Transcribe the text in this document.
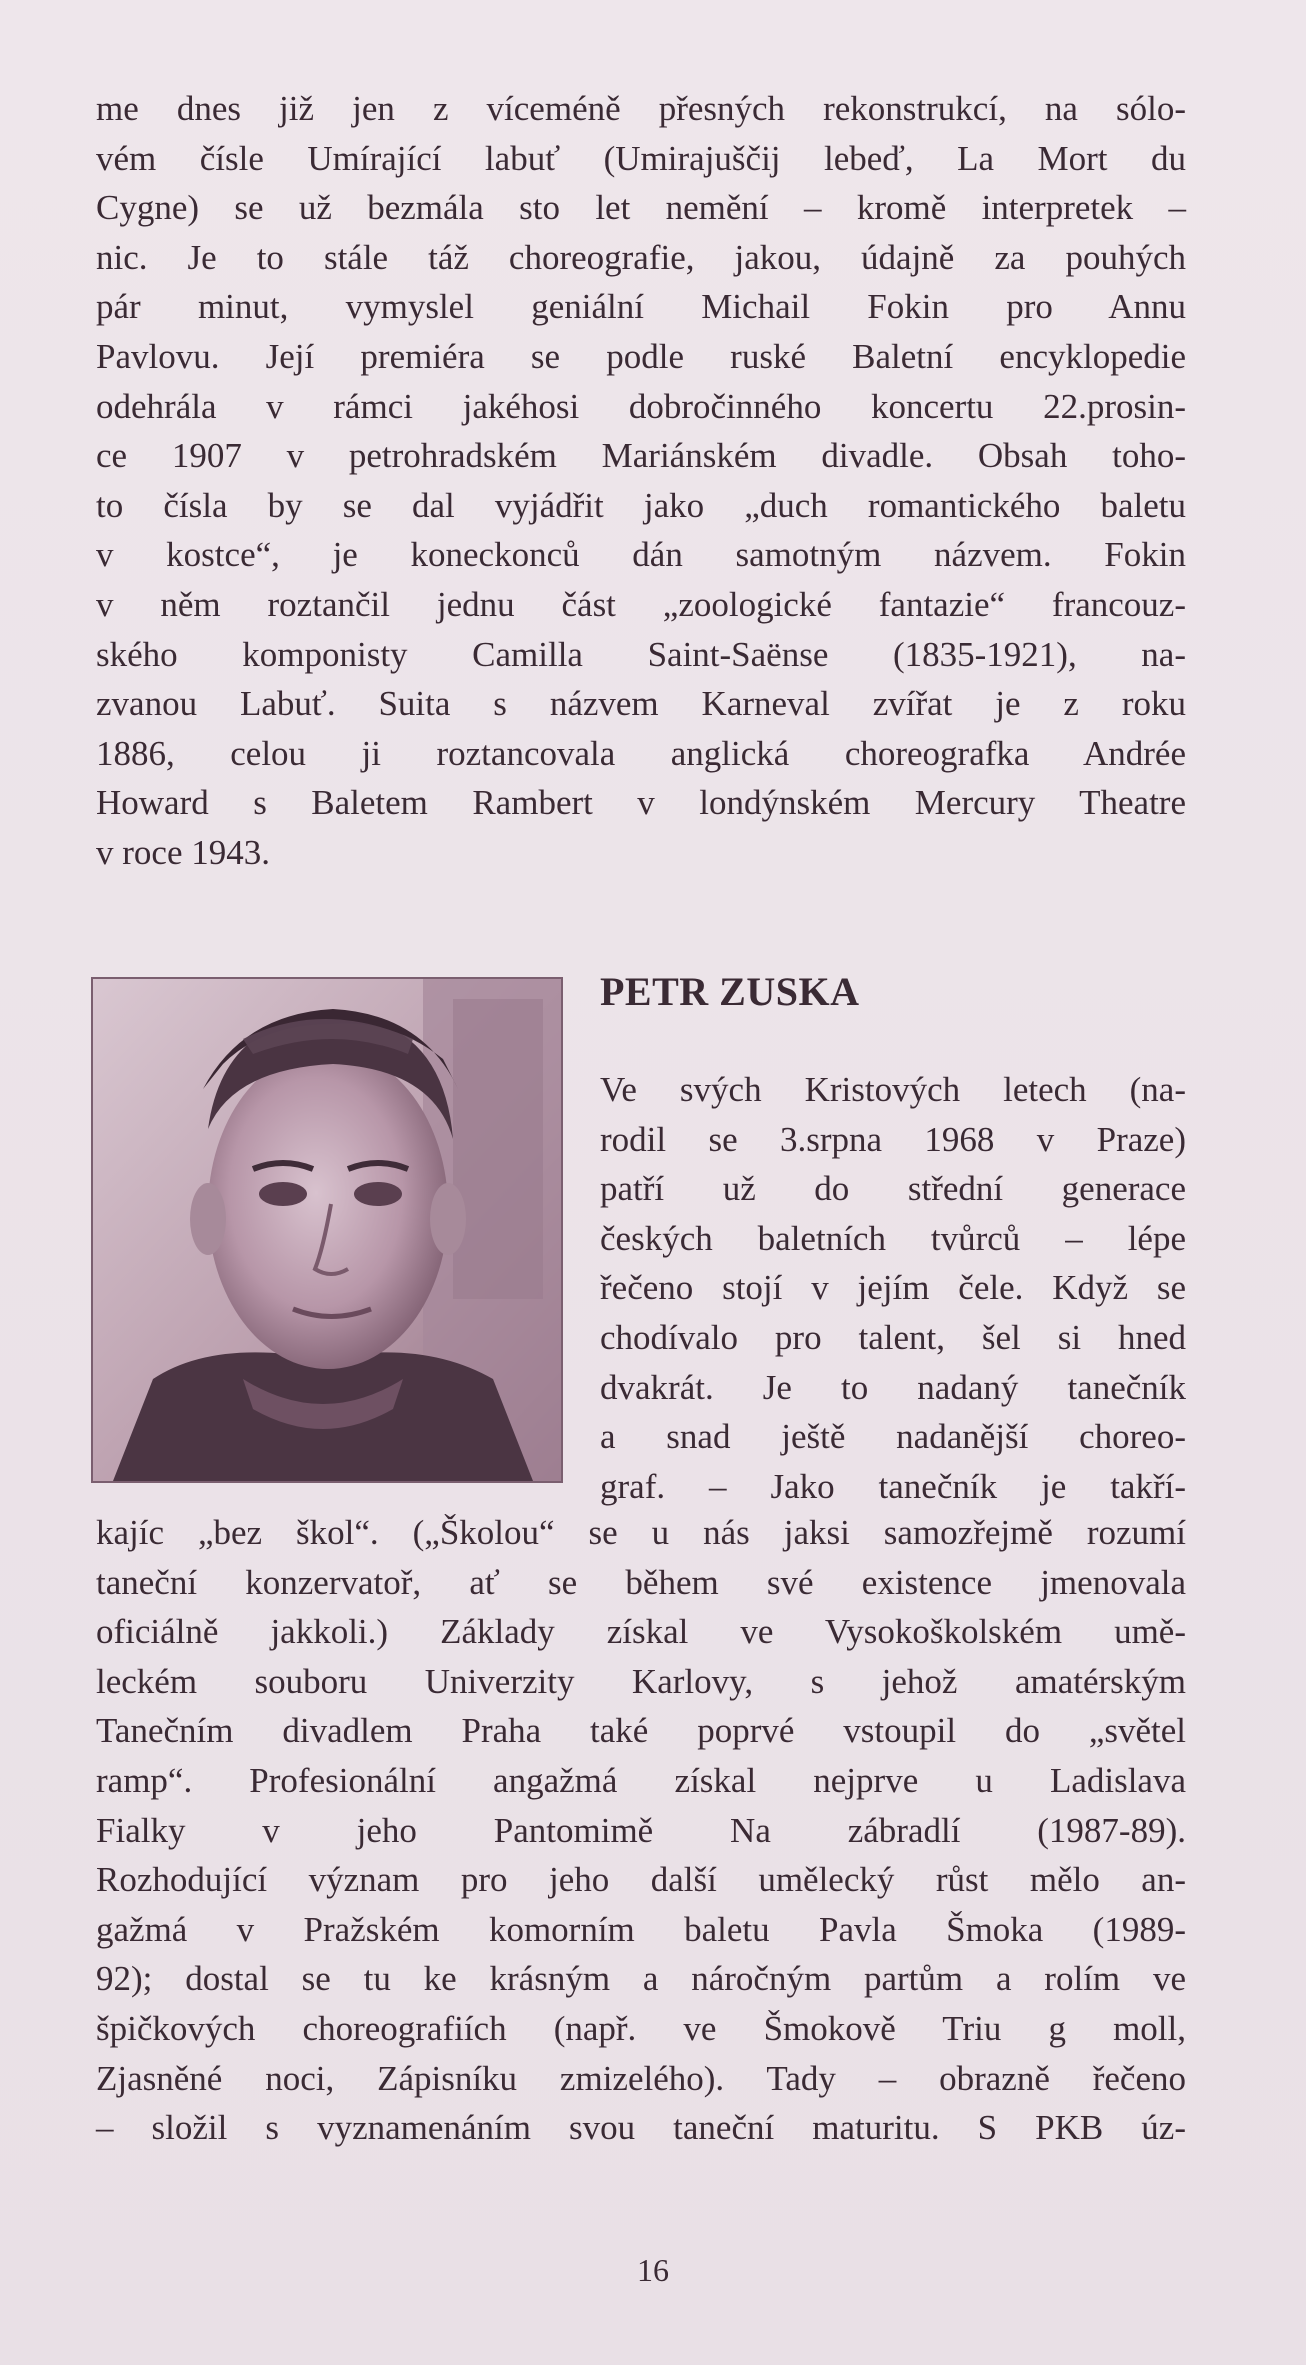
me dnes již jen z víceméně přesných rekonstrukcí, na sólo-
vém čísle Umírající labuť (Umirajuščij lebeď, La Mort du
Cygne) se už bezmála sto let nemění – kromě interpretek –
nic. Je to stále táž choreografie, jakou, údajně za pouhých
pár minut, vymyslel geniální Michail Fokin pro Annu
Pavlovu. Její premiéra se podle ruské Baletní encyklopedie
odehrála v rámci jakéhosi dobročinného koncertu 22.prosin-
ce 1907 v petrohradském Mariánském divadle. Obsah toho-
to čísla by se dal vyjádřit jako „duch romantického baletu
v kostce“, je koneckonců dán samotným názvem. Fokin
v něm roztančil jednu část „zoologické fantazie“ francouz-
ského komponisty Camilla Saint-Saënse (1835-1921), na-
zvanou Labuť. Suita s názvem Karneval zvířat je z roku
1886, celou ji roztancovala anglická choreografka Andrée
Howard s Baletem Rambert v londýnském Mercury Theatre
v roce 1943.
PETR ZUSKA
Ve svých Kristových letech (na-
rodil se 3.srpna 1968 v Praze)
patří už do střední generace
českých baletních tvůrců – lépe
řečeno stojí v jejím čele. Když se
chodívalo pro talent, šel si hned
dvakrát. Je to nadaný tanečník
a snad ještě nadanější choreo-
graf. – Jako tanečník je takří-
kajíc „bez škol“. („Školou“ se u nás jaksi samozřejmě rozumí
taneční konzervatoř, ať se během své existence jmenovala
oficiálně jakkoli.) Základy získal ve Vysokoškolském umě-
leckém souboru Univerzity Karlovy, s jehož amatérským
Tanečním divadlem Praha také poprvé vstoupil do „světel
ramp“. Profesionální angažmá získal nejprve u Ladislava
Fialky v jeho Pantomimě Na zábradlí (1987-89).
Rozhodující význam pro jeho další umělecký růst mělo an-
gažmá v Pražském komorním baletu Pavla Šmoka (1989-
92); dostal se tu ke krásným a náročným partům a rolím ve
špičkových choreografiích (např. ve Šmokově Triu g moll,
Zjasněné noci, Zápisníku zmizelého). Tady – obrazně řečeno
– složil s vyznamenáním svou taneční maturitu. S PKB úz-
16
